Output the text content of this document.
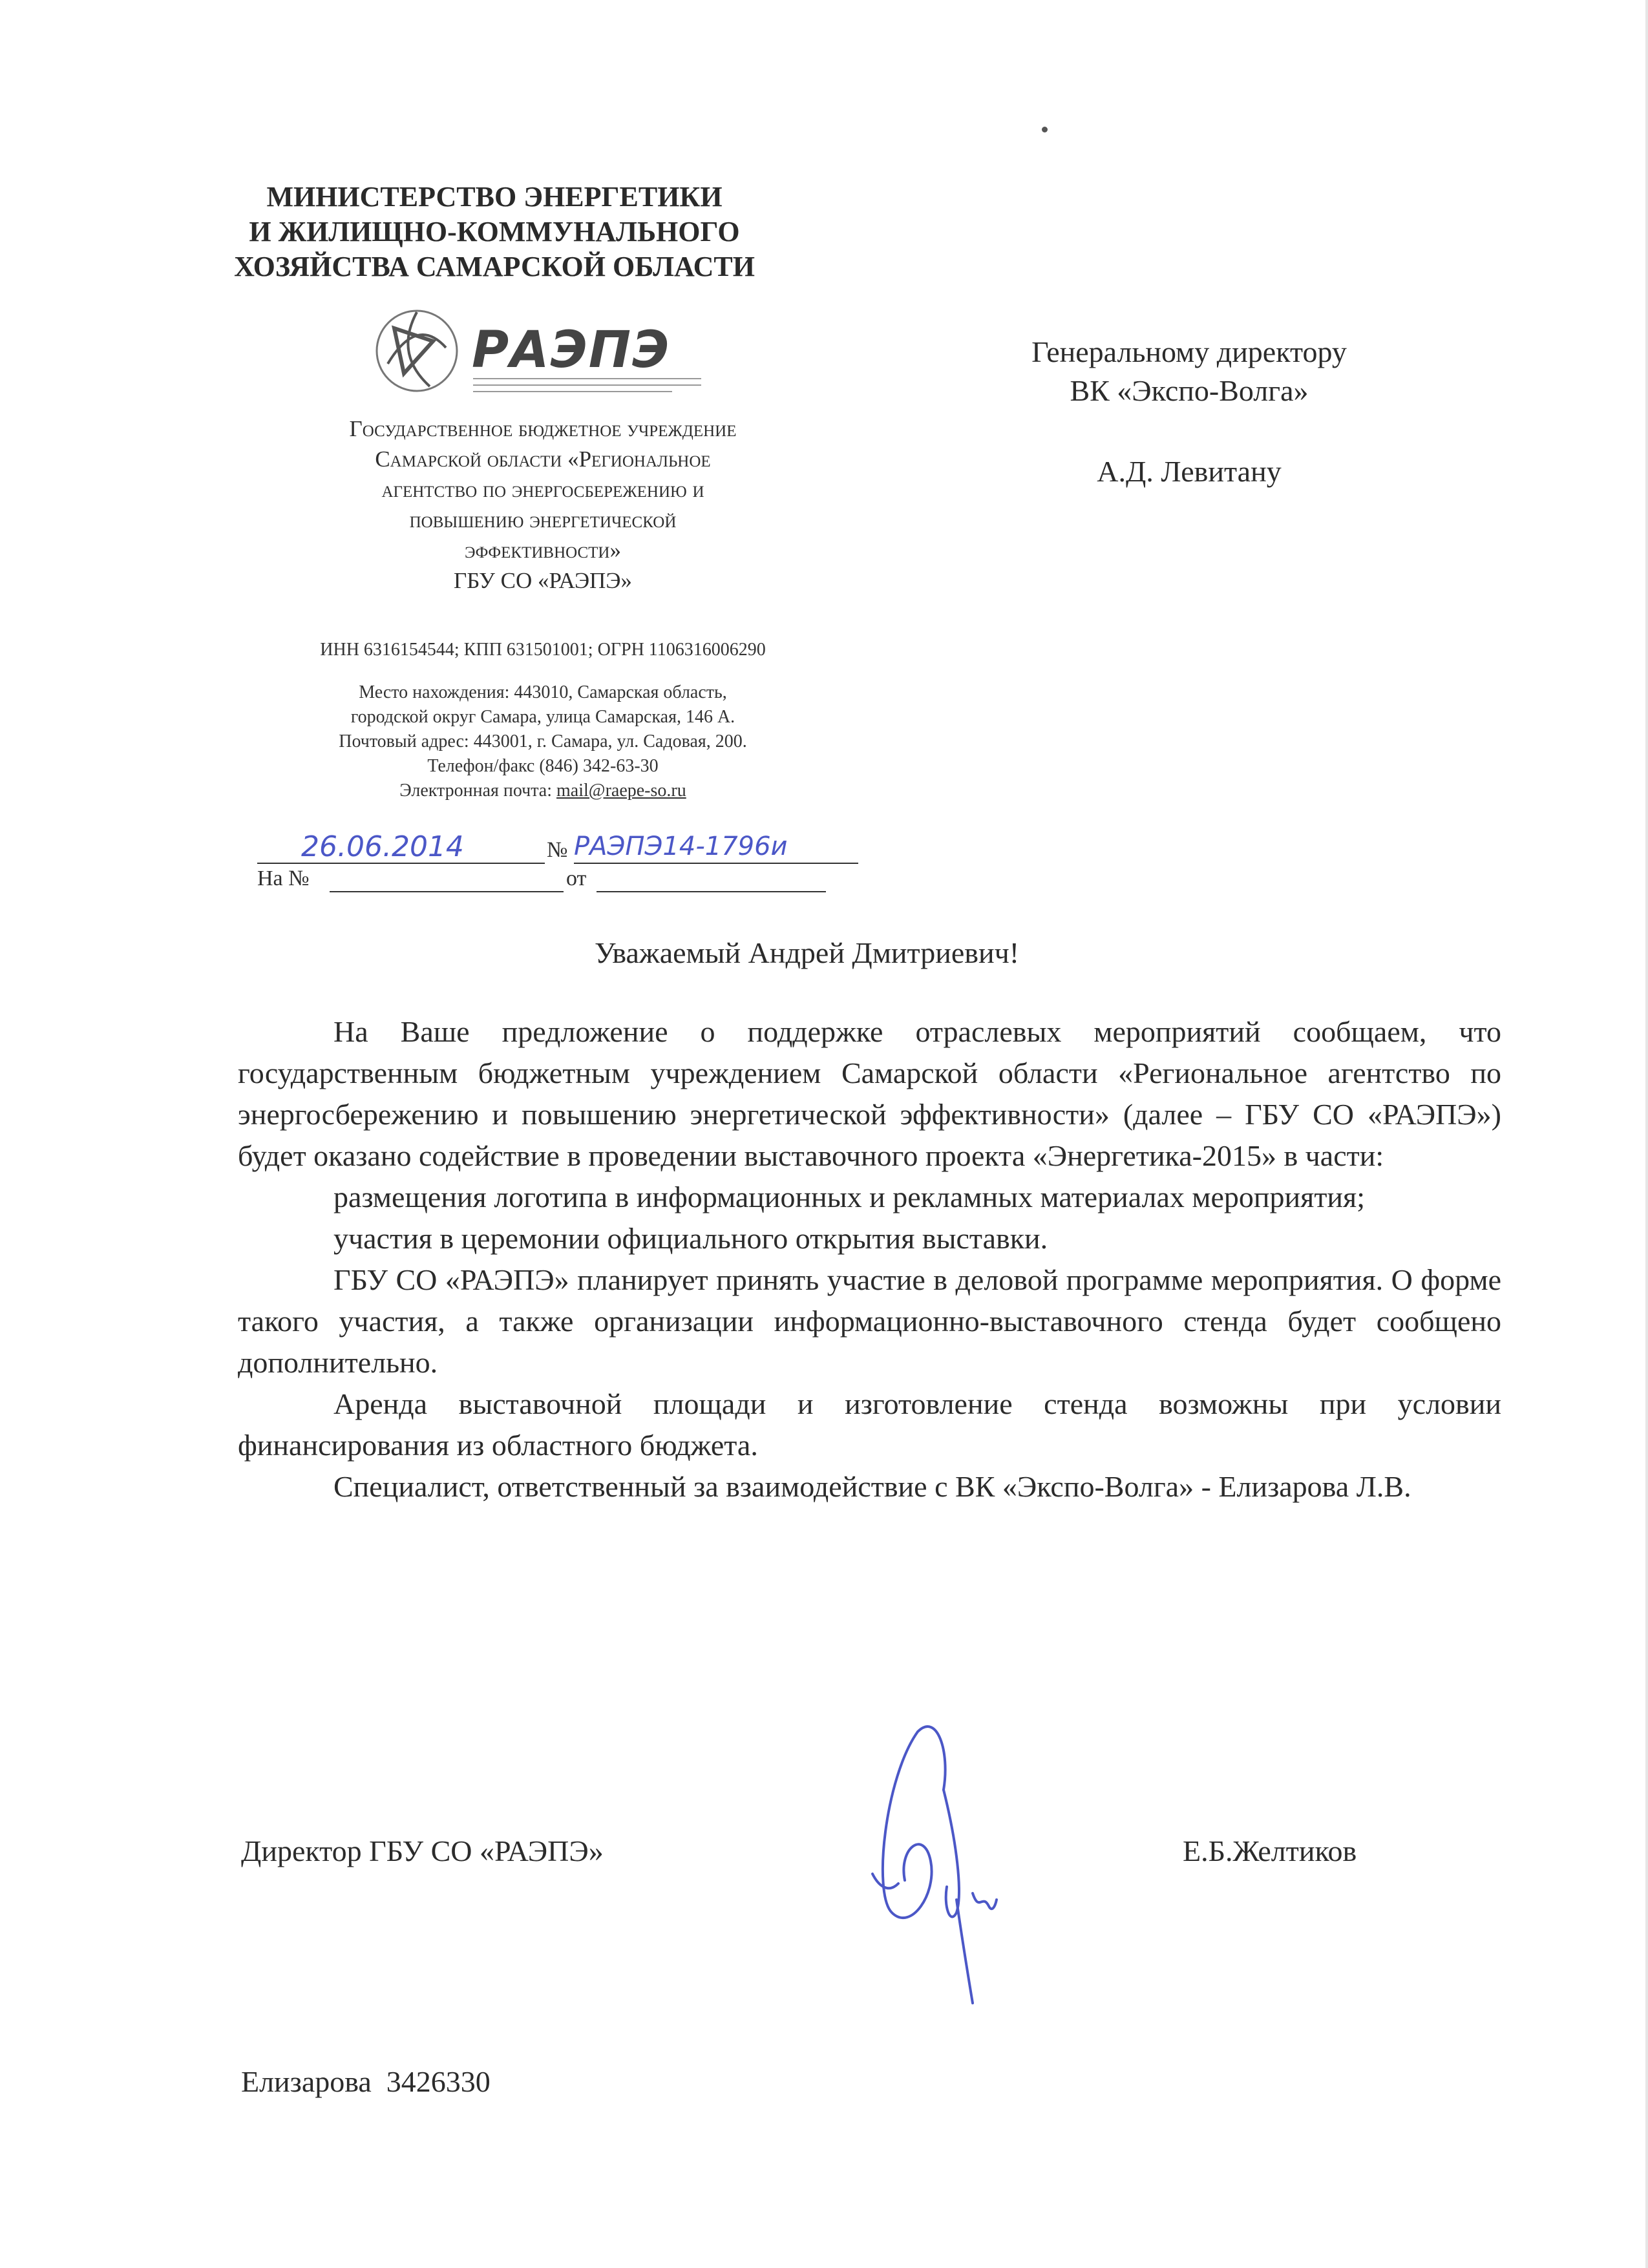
МИНИСТЕРСТВО ЭНЕРГЕТИКИ
И ЖИЛИЩНО-КОММУНАЛЬНОГО
ХОЗЯЙСТВА САМАРСКОЙ ОБЛАСТИ
РАЭПЭ
Государственное бюджетное учреждение
Самарской области «Региональное
агентство по энергосбережению и
повышению энергетической
эффективности»
ГБУ СО «РАЭПЭ»
ИНН 6316154544; КПП 631501001; ОГРН 1106316006290
Место нахождения: 443010, Самарская область,
городской округ Самара, улица Самарская, 146 А.
Почтовый адрес: 443001, г. Самара, ул. Садовая, 200.
Телефон/факс (846) 342-63-30
Электронная почта: mail@raepe-so.ru
26.06.2014	№ РАЭПЭ14-1796и
На №	от
Генеральному директору
ВК «Экспо-Волга»
А.Д. Левитану
Уважаемый Андрей Дмитриевич!

На Ваше предложение о поддержке отраслевых мероприятий сообщаем, что государственным бюджетным учреждением Самарской области «Региональное агентство по энергосбережению и повышению энергетической эффективности» (далее – ГБУ СО «РАЭПЭ») будет оказано содействие в проведении выставочного проекта «Энергетика-2015» в части:

размещения логотипа в информационных и рекламных материалах мероприятия;

участия в церемонии официального открытия выставки.

ГБУ СО «РАЭПЭ» планирует принять участие в деловой программе мероприятия. О форме такого участия, а также организации информационно-выставочного стенда будет сообщено дополнительно.

Аренда выставочной площади и изготовление стенда возможны при условии финансирования из областного бюджета.

Специалист, ответственный за взаимодействие с ВК «Экспо-Волга» - Елизарова Л.В.

Директор ГБУ СО «РАЭПЭ»	Е.Б.Желтиков
Елизарова  3426330
